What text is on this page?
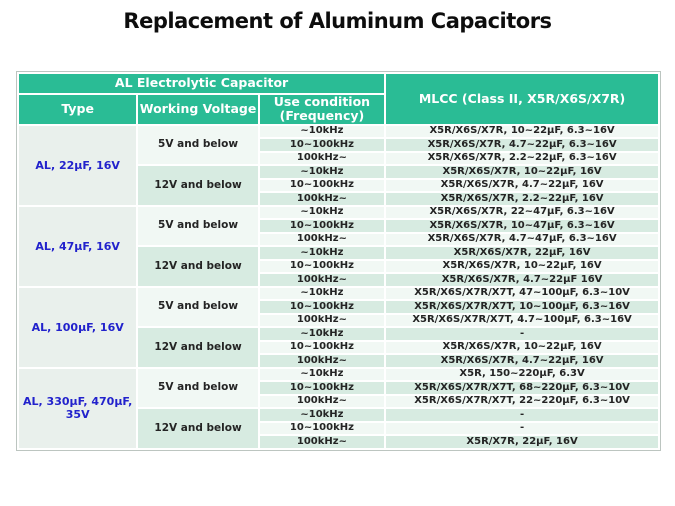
Replacement of Aluminum Capacitors
AL Electrolytic Capacitor			MLCC (Class II, X5R/X6S/X7R)
Type	Working Voltage	Use condition (Frequency)	
AL, 22μF, 16V	5V and below	~10kHz	X5R/X6S/X7R, 10~22μF, 6.3~16V
		10~100kHz	X5R/X6S/X7R, 4.7~22μF, 6.3~16V
		100kHz~	X5R/X6S/X7R, 2.2~22μF, 6.3~16V
	12V and below	~10kHz	X5R/X6S/X7R, 10~22μF, 16V
		10~100kHz	X5R/X6S/X7R, 4.7~22μF, 16V
		100kHz~	X5R/X6S/X7R, 2.2~22μF, 16V
AL, 47μF, 16V	5V and below	~10kHz	X5R/X6S/X7R, 22~47μF, 6.3~16V
		10~100kHz	X5R/X6S/X7R, 10~47μF, 6.3~16V
		100kHz~	X5R/X6S/X7R, 4.7~47μF, 6.3~16V
	12V and below	~10kHz	X5R/X6S/X7R, 22μF, 16V
		10~100kHz	X5R/X6S/X7R, 10~22μF, 16V
		100kHz~	X5R/X6S/X7R, 4.7~22μF 16V
AL, 100μF, 16V	5V and below	~10kHz	X5R/X6S/X7R/X7T, 47~100μF, 6.3~10V
		10~100kHz	X5R/X6S/X7R/X7T, 10~100μF, 6.3~16V
		100kHz~	X5R/X6S/X7R/X7T, 4.7~100μF, 6.3~16V
	12V and below	~10kHz	-
		10~100kHz	X5R/X6S/X7R, 10~22μF, 16V
		100kHz~	X5R/X6S/X7R, 4.7~22μF, 16V
AL, 330μF, 470μF, 35V	5V and below	~10kHz	X5R, 150~220μF, 6.3V
		10~100kHz	X5R/X6S/X7R/X7T, 68~220μF, 6.3~10V
		100kHz~	X5R/X6S/X7R/X7T, 22~220μF, 6.3~10V
	12V and below	~10kHz	-
		10~100kHz	-
		100kHz~	X5R/X7R, 22μF, 16V
